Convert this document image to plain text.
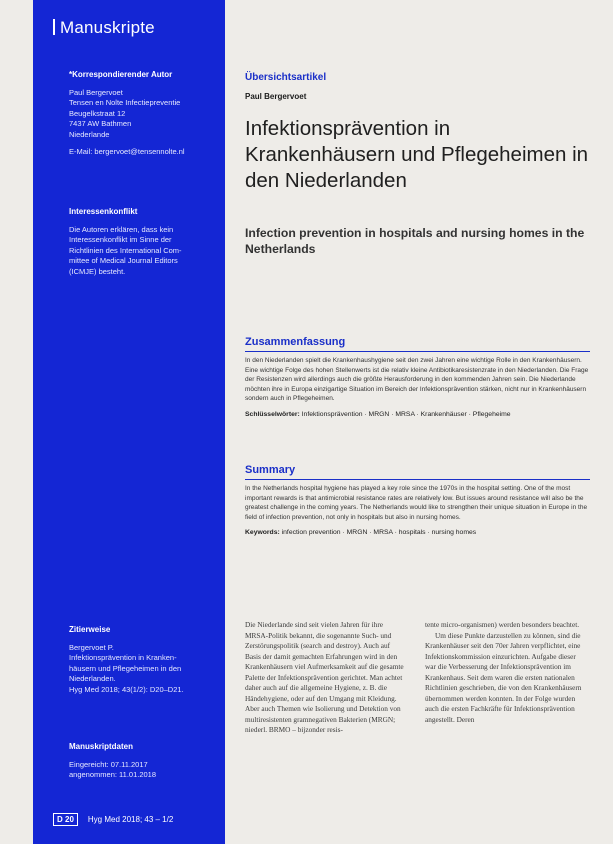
Manuskripte
*Korrespondierender Autor
Paul Bergervoet
Tensen en Nolte Infectiepreventie
Beugelkstraat 12
7437 AW Bathmen
Niederlande
E-Mail: bergervoet@tensennolte.nl
Interessenkonflikt
Die Autoren erklären, dass kein
Interessenkonflikt im Sinne der
Richtlinien des International Com-
mittee of Medical Journal Editors
(ICMJE) besteht.
Zitierweise
Bergervoet P.
Infektionsprävention in Kranken-
häusern und Pflegeheimen in den
Niederlanden.
Hyg Med 2018; 43(1/2): D20–D21.
Manuskriptdaten
Eingereicht: 07.11.2017
angenommen: 11.01.2018
D 20 Hyg Med 2018; 43 – 1/2
Übersichtsartikel
Paul Bergervoet
Infektionsprävention in Krankenhäusern und Pflegeheimen in den Niederlanden
Infection prevention in hospitals and nursing homes in the Netherlands
Zusammenfassung

In den Niederlanden spielt die Krankenhaushygiene seit den zwei Jahren eine wichtige Rolle in den Krankenhäusern. Eine wichtige Folge des hohen Stellenwerts ist die relativ kleine Antibiotikaresistenzrate in den Niederlanden. Die Frage der Resistenzen wird allerdings auch die größte Herausforderung in den kommenden Jahren sein. Die Niederlande möchten ihre in Europa einzigartige Situation im Bereich der Infektionsprävention stärken, nicht nur in Krankenhäusern sondern auch in Pflegeheimen.

Schlüsselwörter: Infektionsprävention · MRGN · MRSA · Krankenhäuser · Pflegeheime
Summary

In the Netherlands hospital hygiene has played a key role since the 1970s in the hospital setting. One of the most important rewards is that antimicrobial resistance rates are relatively low. But issues around resistance will also be the greatest challenge in the coming years. The Netherlands would like to strengthen their unique situation in Europe in the field of infection prevention, not only in hospitals but also in nursing homes.

Keywords: infection prevention · MRGN · MRSA · hospitals · nursing homes

Die Niederlande sind seit vielen Jahren für ihre MRSA-Politik bekannt, die sogenannte Such- und Zerstörungspolitik (search and destroy). Auch auf Basis der damit gemachten Erfahrungen wird in den Krankenhäusern viel Aufmerksamkeit auf die gesamte Palette der Infektionsprävention gerichtet. Man achtet daher auch auf die allgemeine Hygiene, z. B. die Händehygiene, oder auf den Umgang mit Kleidung. Aber auch Themen wie Isolierung und Detektion von multiresistenten gramnegativen Bakterien (MRGN; niederl. BRMO – bijzonder resis-

tente micro-organismen) werden besonders beachtet.

Um diese Punkte darzustellen zu können, sind die Krankenhäuser seit den 70er Jahren verpflichtet, eine Infektionskommission einzurichten. Aufgabe dieser war die Verbesserung der Infektionsprävention im Krankenhaus. Seit dem waren die ersten nationalen Richtlinien geschrieben, die von den Krankenhäusern übernommen werden konnten. In der Folge wurden auch die ersten Fachkräfte für Infektionsprävention angestellt. Deren
